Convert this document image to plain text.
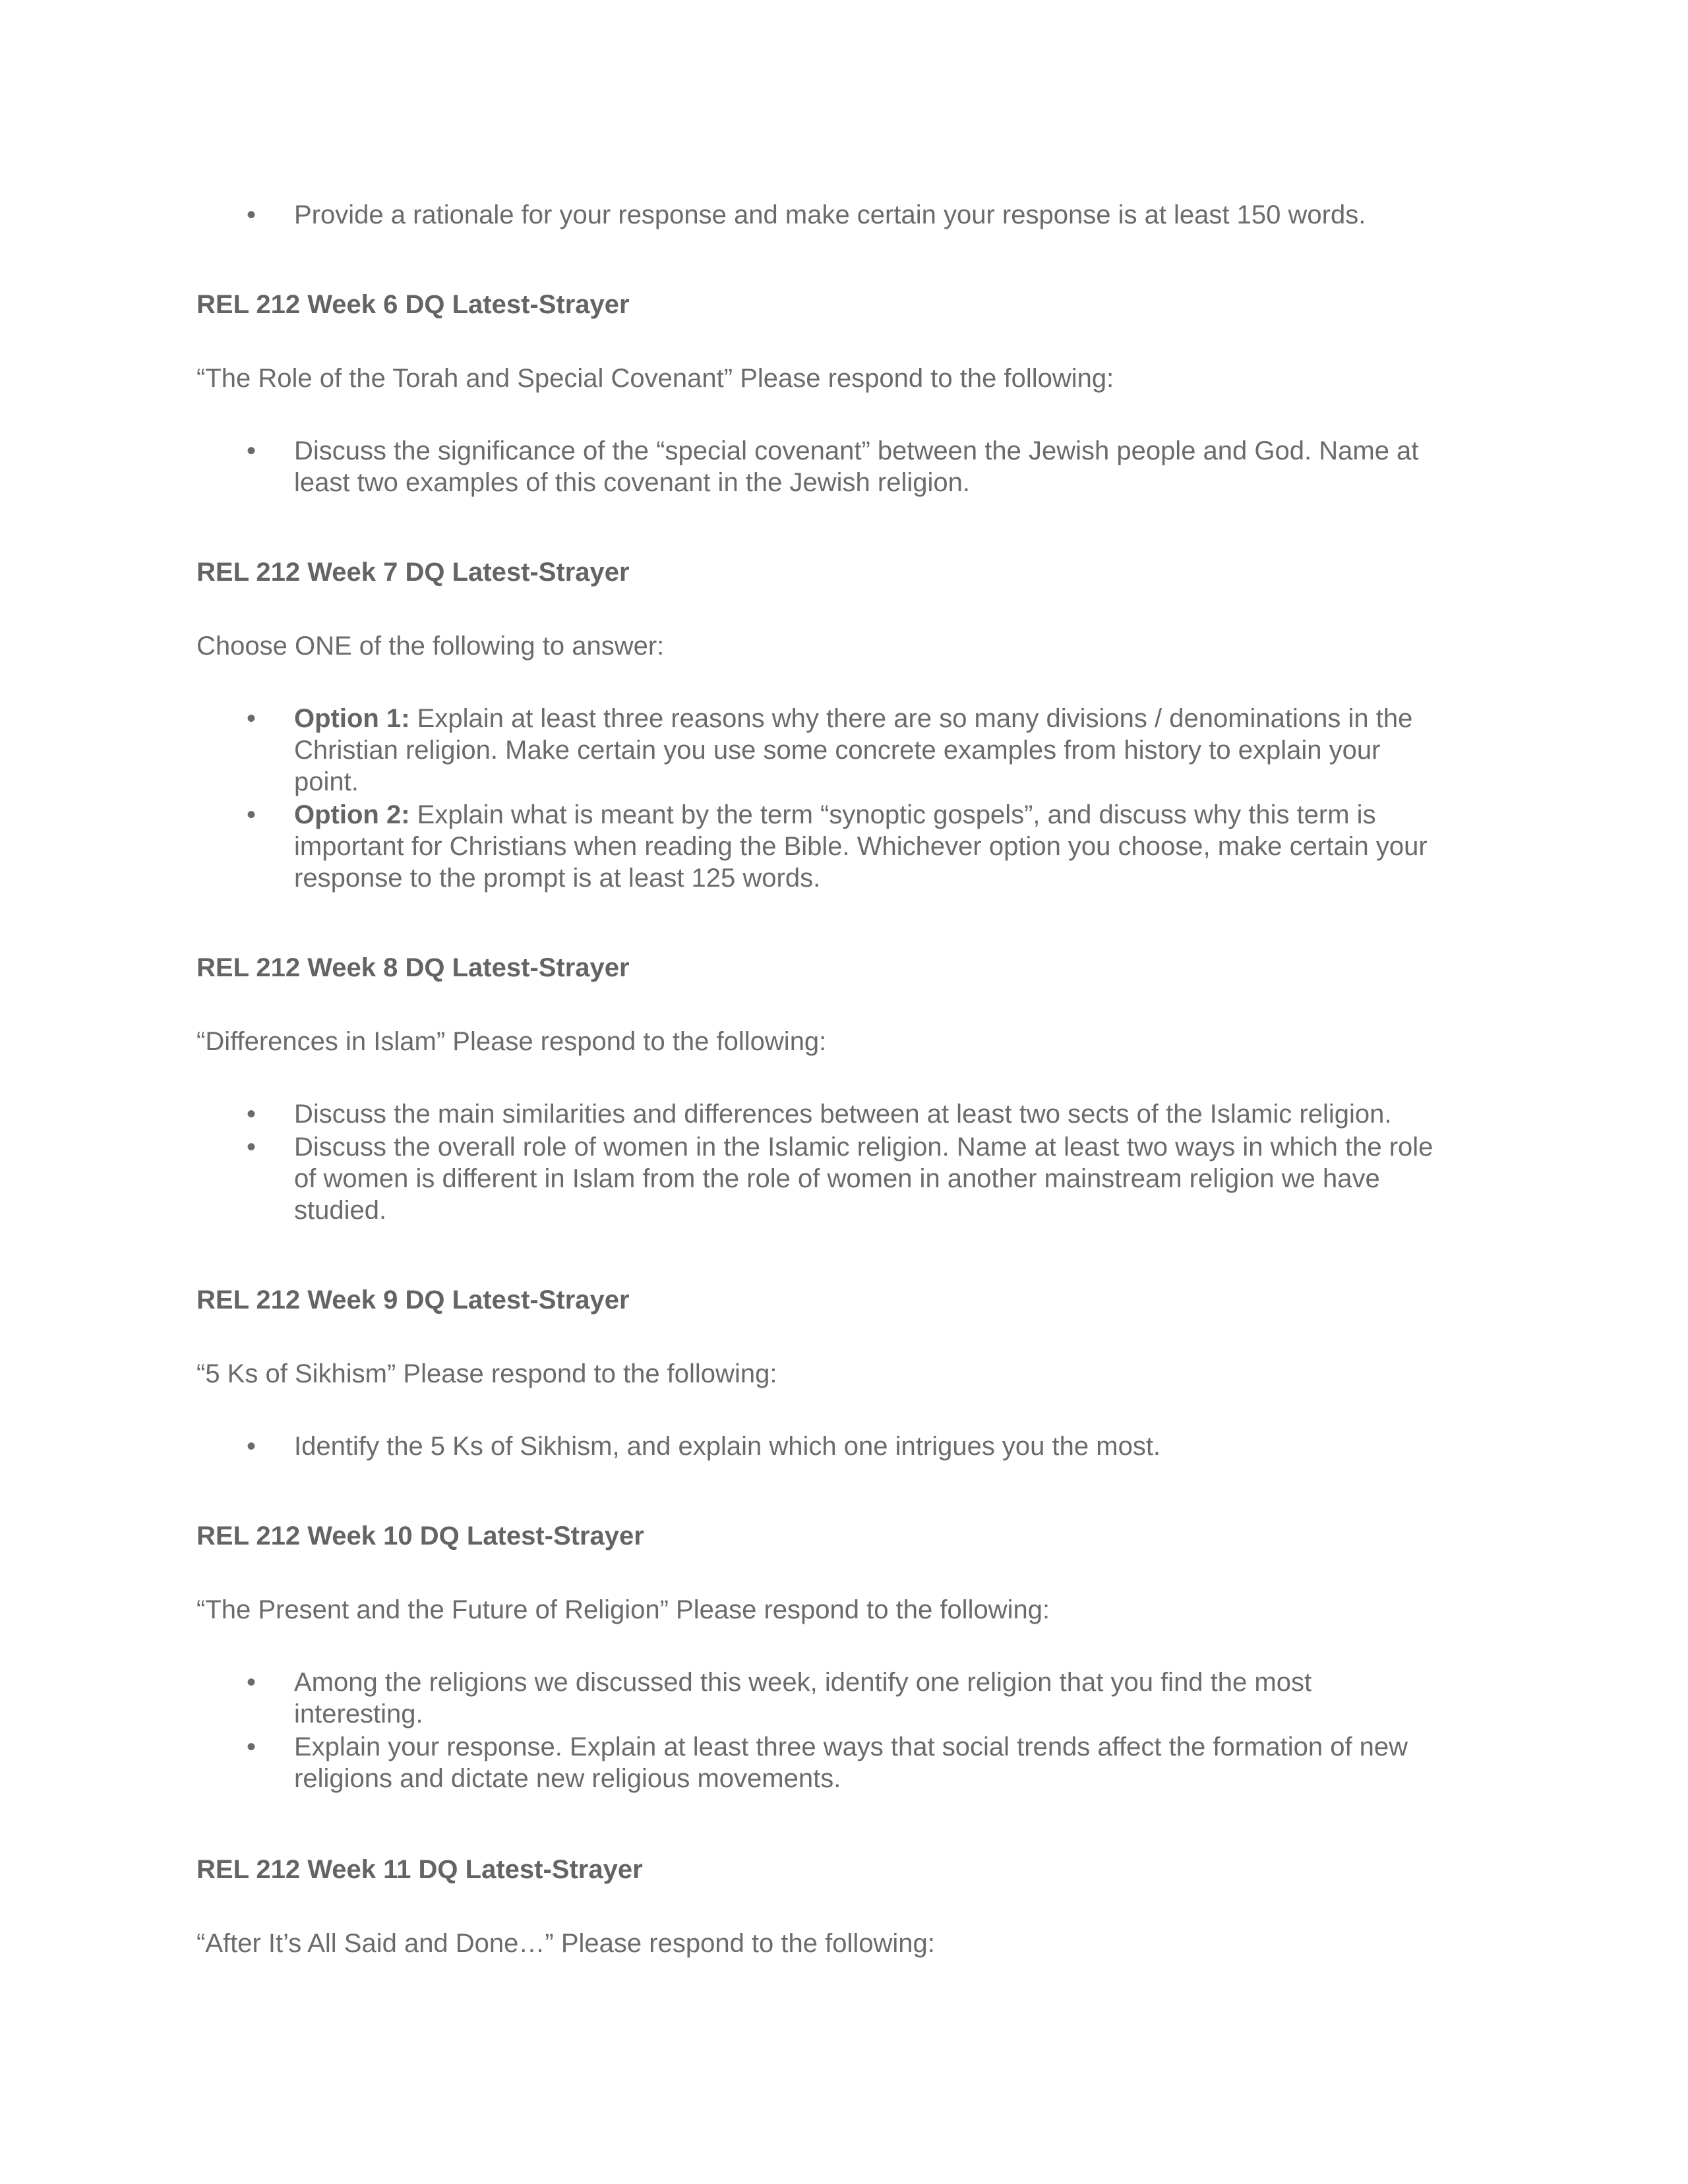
• Provide a rationale for your response and make certain your response is at least 150 words.

REL 212 Week 6 DQ Latest-Strayer

“The Role of the Torah and Special Covenant” Please respond to the following:

• Discuss the significance of the “special covenant” between the Jewish people and God. Name at
least two examples of this covenant in the Jewish religion.

REL 212 Week 7 DQ Latest-Strayer

Choose ONE of the following to answer:

• Option 1: Explain at least three reasons why there are so many divisions / denominations in the
Christian religion. Make certain you use some concrete examples from history to explain your
point.
• Option 2: Explain what is meant by the term “synoptic gospels”, and discuss why this term is
important for Christians when reading the Bible. Whichever option you choose, make certain your
response to the prompt is at least 125 words.

REL 212 Week 8 DQ Latest-Strayer

“Differences in Islam” Please respond to the following:

• Discuss the main similarities and differences between at least two sects of the Islamic religion.
• Discuss the overall role of women in the Islamic religion. Name at least two ways in which the role
of women is different in Islam from the role of women in another mainstream religion we have
studied.

REL 212 Week 9 DQ Latest-Strayer

“5 Ks of Sikhism” Please respond to the following:

• Identify the 5 Ks of Sikhism, and explain which one intrigues you the most.

REL 212 Week 10 DQ Latest-Strayer

“The Present and the Future of Religion” Please respond to the following:

• Among the religions we discussed this week, identify one religion that you find the most
interesting.
• Explain your response. Explain at least three ways that social trends affect the formation of new
religions and dictate new religious movements.

REL 212 Week 11 DQ Latest-Strayer

“After It’s All Said and Done…” Please respond to the following:
